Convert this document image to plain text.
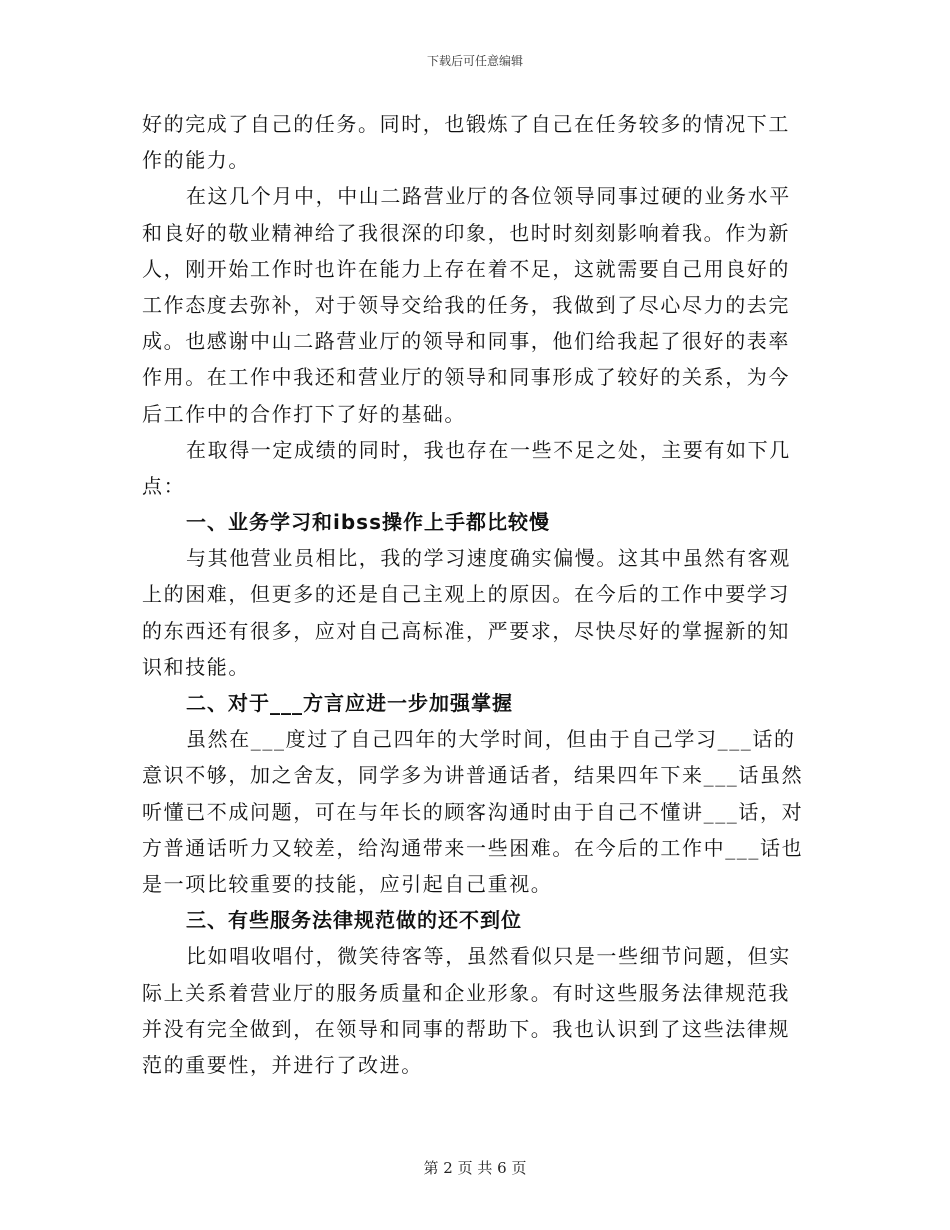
下载后可任意编辑
好的完成了自己的任务。同时，也锻炼了自己在任务较多的情况下工
作的能力。
在这几个月中，中山二路营业厅的各位领导同事过硬的业务水平
和良好的敬业精神给了我很深的印象，也时时刻刻影响着我。作为新
人，刚开始工作时也许在能力上存在着不足，这就需要自己用良好的
工作态度去弥补，对于领导交给我的任务，我做到了尽心尽力的去完
成。也感谢中山二路营业厅的领导和同事，他们给我起了很好的表率
作用。在工作中我还和营业厅的领导和同事形成了较好的关系，为今
后工作中的合作打下了好的基础。
在取得一定成绩的同时，我也存在一些不足之处，主要有如下几
点：
一、业务学习和ibss操作上手都比较慢
与其他营业员相比，我的学习速度确实偏慢。这其中虽然有客观
上的困难，但更多的还是自己主观上的原因。在今后的工作中要学习
的东西还有很多，应对自己高标准，严要求，尽快尽好的掌握新的知
识和技能。
二、对于___方言应进一步加强掌握
虽然在___度过了自己四年的大学时间，但由于自己学习___话的
意识不够，加之舍友，同学多为讲普通话者，结果四年下来___话虽然
听懂已不成问题，可在与年长的顾客沟通时由于自己不懂讲___话，对
方普通话听力又较差，给沟通带来一些困难。在今后的工作中___话也
是一项比较重要的技能，应引起自己重视。
三、有些服务法律规范做的还不到位
比如唱收唱付，微笑待客等，虽然看似只是一些细节问题，但实
际上关系着营业厅的服务质量和企业形象。有时这些服务法律规范我
并没有完全做到，在领导和同事的帮助下。我也认识到了这些法律规
范的重要性，并进行了改进。
第 2 页 共 6 页
